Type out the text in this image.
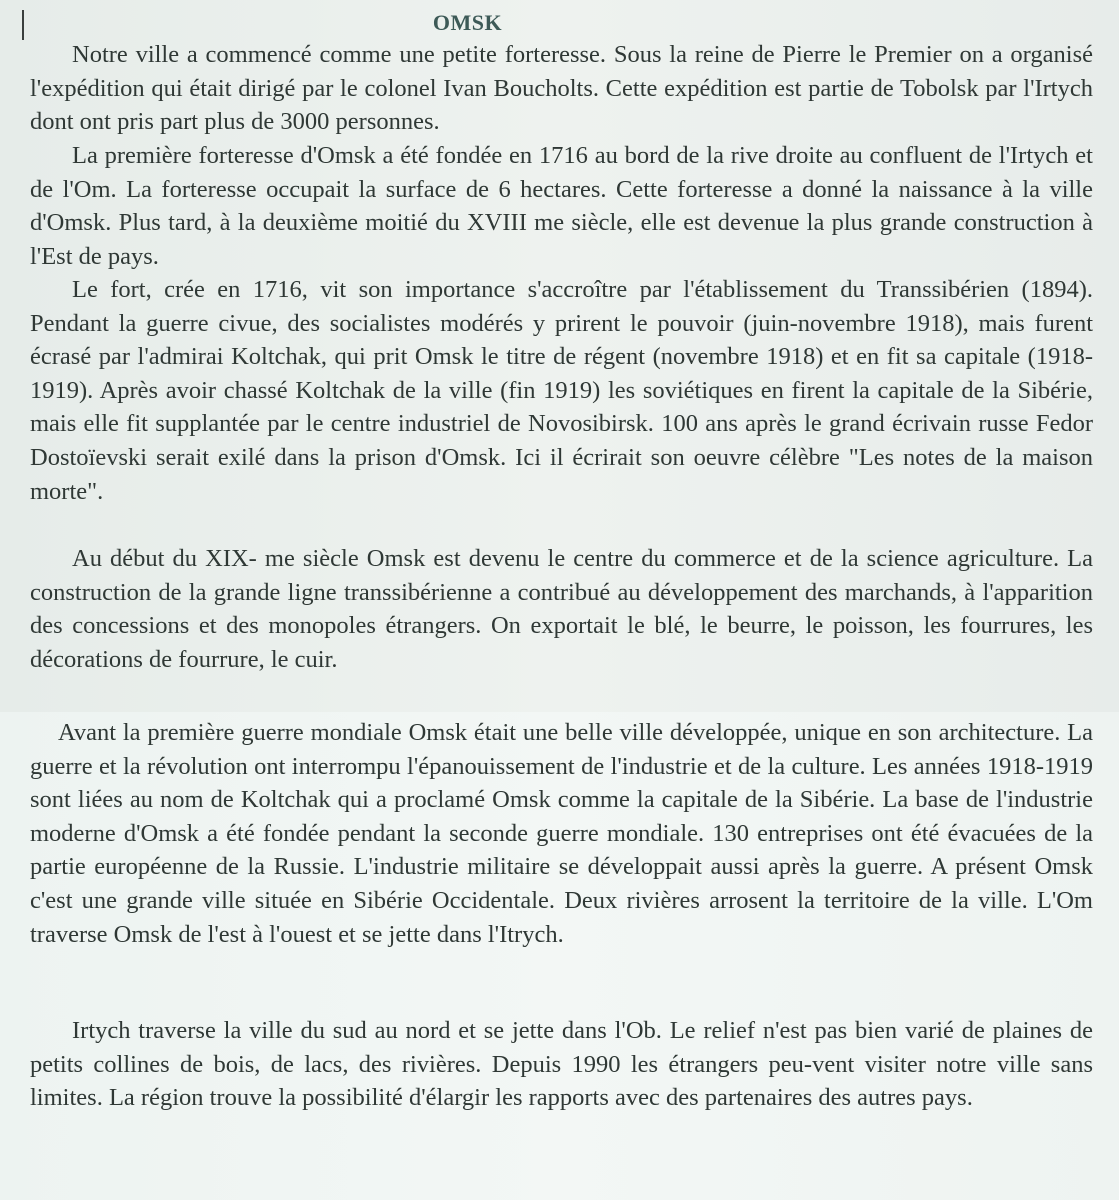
OMSK

Notre ville a commencé comme une petite forteresse. Sous la reine de Pierre le Premier on a organisé l'expédition qui était dirigé par le colonel Ivan Boucholts. Cette expédition est partie de Tobolsk par l'Irtych dont ont pris part plus de 3000 personnes.

La première forteresse d'Omsk a été fondée en 1716 au bord de la rive droite au confluent de l'Irtych et de l'Om. La forteresse occupait la surface de 6 hectares. Cette forteresse a donné la naissance à la ville d'Omsk. Plus tard, à la deuxième moitié du XVIII me siècle, elle est devenue la plus grande construction à l'Est de pays.

Le fort, crée en 1716, vit son importance s'accroître par l'établissement du Transsibérien (1894). Pendant la guerre civue, des socialistes modérés y prirent le pouvoir (juin-novembre 1918), mais furent écrasé par l'admirai Koltchak, qui prit Omsk le titre de régent (novembre 1918) et en fit sa capitale (1918-1919). Après avoir chassé Koltchak de la ville (fin 1919) les soviétiques en firent la capitale de la Sibérie, mais elle fit supplantée par le centre industriel de Novosibirsk. 100 ans après le grand écrivain russe Fedor Dostoïevski serait exilé dans la prison d'Omsk. Ici il écrirait son oeuvre célèbre "Les notes de la maison morte".

Au début du XIX- me siècle Omsk est devenu le centre du commerce et de la science agriculture. La construction de la grande ligne transsibérienne a contribué au développement des marchands, à l'apparition des concessions et des monopoles étrangers. On exportait le blé, le beurre, le poisson, les fourrures, les décorations de fourrure, le cuir.

Avant la première guerre mondiale Omsk était une belle ville développée, unique en son architecture. La guerre et la révolution ont interrompu l'épanouissement de l'industrie et de la culture. Les années 1918-1919 sont liées au nom de Koltchak qui a proclamé Omsk comme la capitale de la Sibérie. La base de l'industrie moderne d'Omsk a été fondée pendant la seconde guerre mondiale. 130 entreprises ont été évacuées de la partie européenne de la Russie. L'industrie militaire se développait aussi après la guerre. A présent Omsk c'est une grande ville située en Sibérie Occidentale. Deux rivières arrosent la territoire de la ville. L'Om traverse Omsk de l'est à l'ouest et se jette dans l'Itrych.

Irtych traverse la ville du sud au nord et se jette dans l'Ob. Le relief n'est pas bien varié de plaines de petits collines de bois, de lacs, des rivières. Depuis 1990 les étrangers peu-vent visiter notre ville sans limites. La région trouve la possibilité d'élargir les rapports avec des partenaires des autres pays.
